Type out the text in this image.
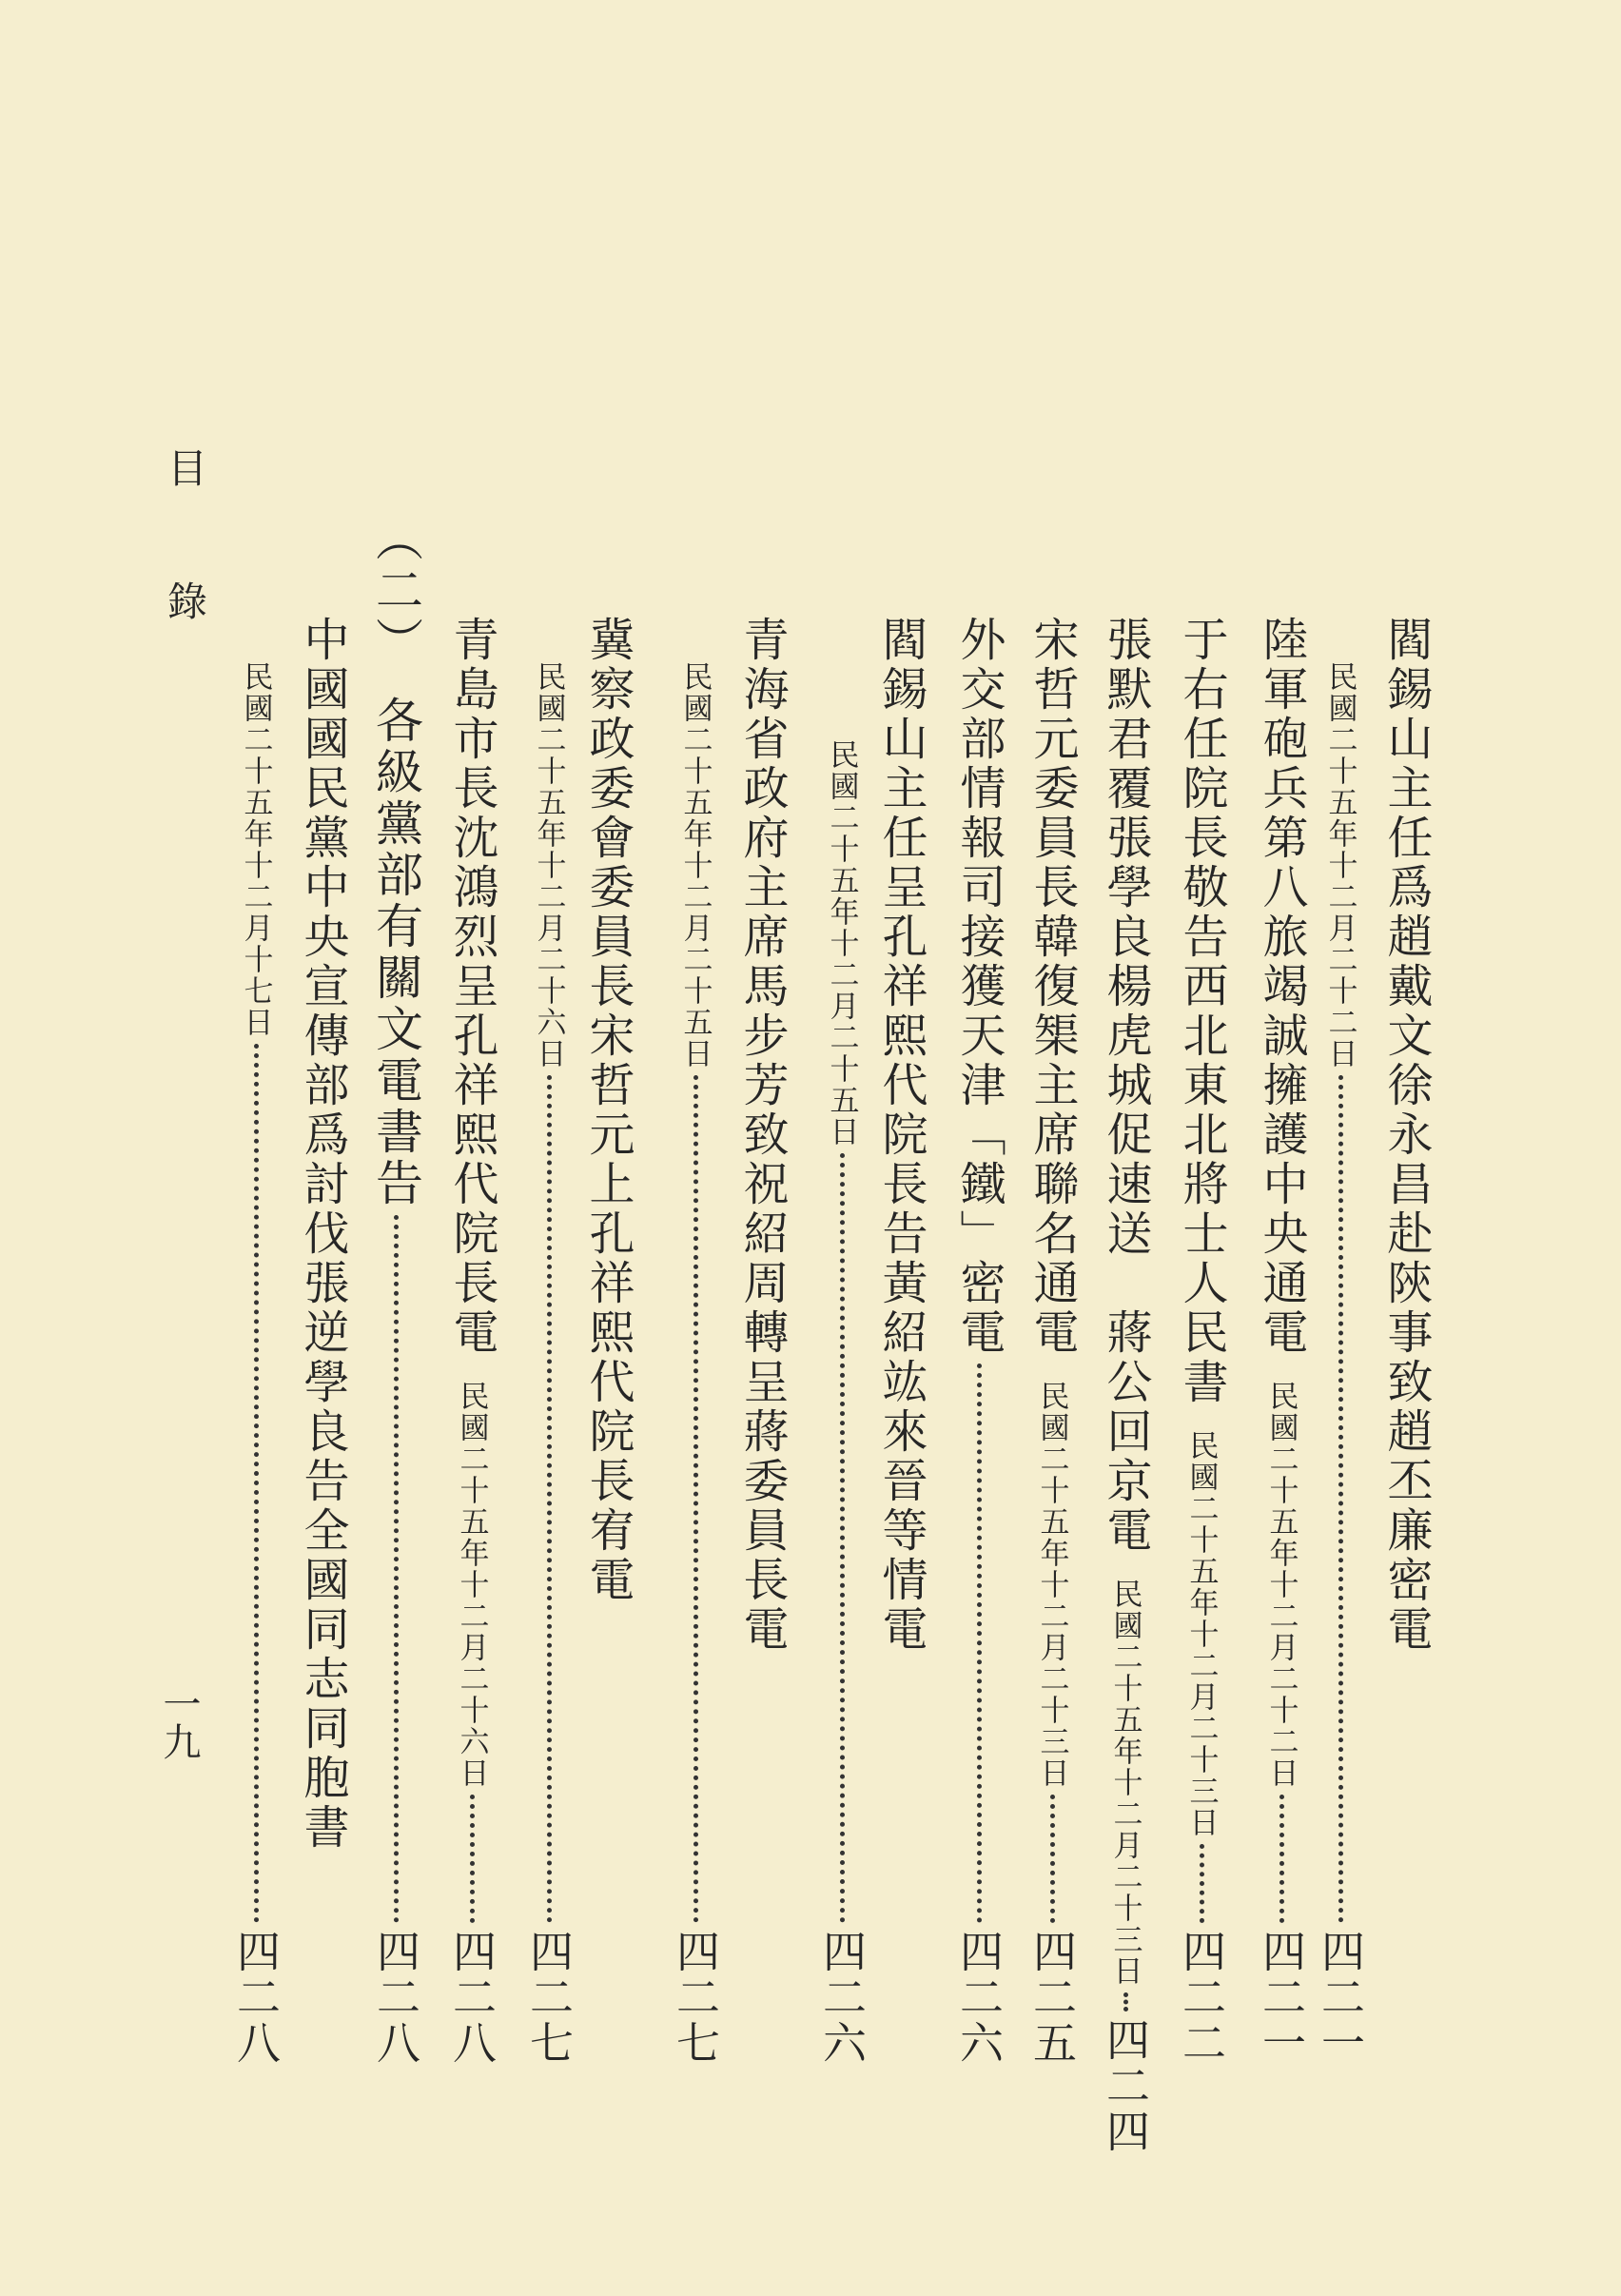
目
錄
一九
閻錫山主任爲趙戴文徐永昌赴陝事致趙丕廉密電
民國二十五年十二月二十二日
四二一
陸軍砲兵第八旅竭誠擁護中央通電
民國二十五年十二月二十二日
四二一
于右任院長敬告西北東北將士人民書
民國二十五年十二月二十三日
四二二
張默君覆張學良楊虎城促速送　蔣公回京電
民國二十五年十二月二十三日
四二四
宋哲元委員長韓復榘主席聯名通電
民國二十五年十二月二十三日
四二五
外交部情報司接獲天津「鐵」密電
四二六
閻錫山主任呈孔祥熙代院長告黃紹竑來晉等情電
民國二十五年十二月二十五日
四二六
青海省政府主席馬步芳致祝紹周轉呈蔣委員長電
民國二十五年十二月二十五日
四二七
冀察政委會委員長宋哲元上孔祥熙代院長宥電
民國二十五年十二月二十六日
四二七
青島市長沈鴻烈呈孔祥熙代院長電
民國二十五年十二月二十六日
四二八
（二）　各級黨部有關文電書告
四二八
中國國民黨中央宣傳部爲討伐張逆學良告全國同志同胞書
民國二十五年十二月十七日
四二八
